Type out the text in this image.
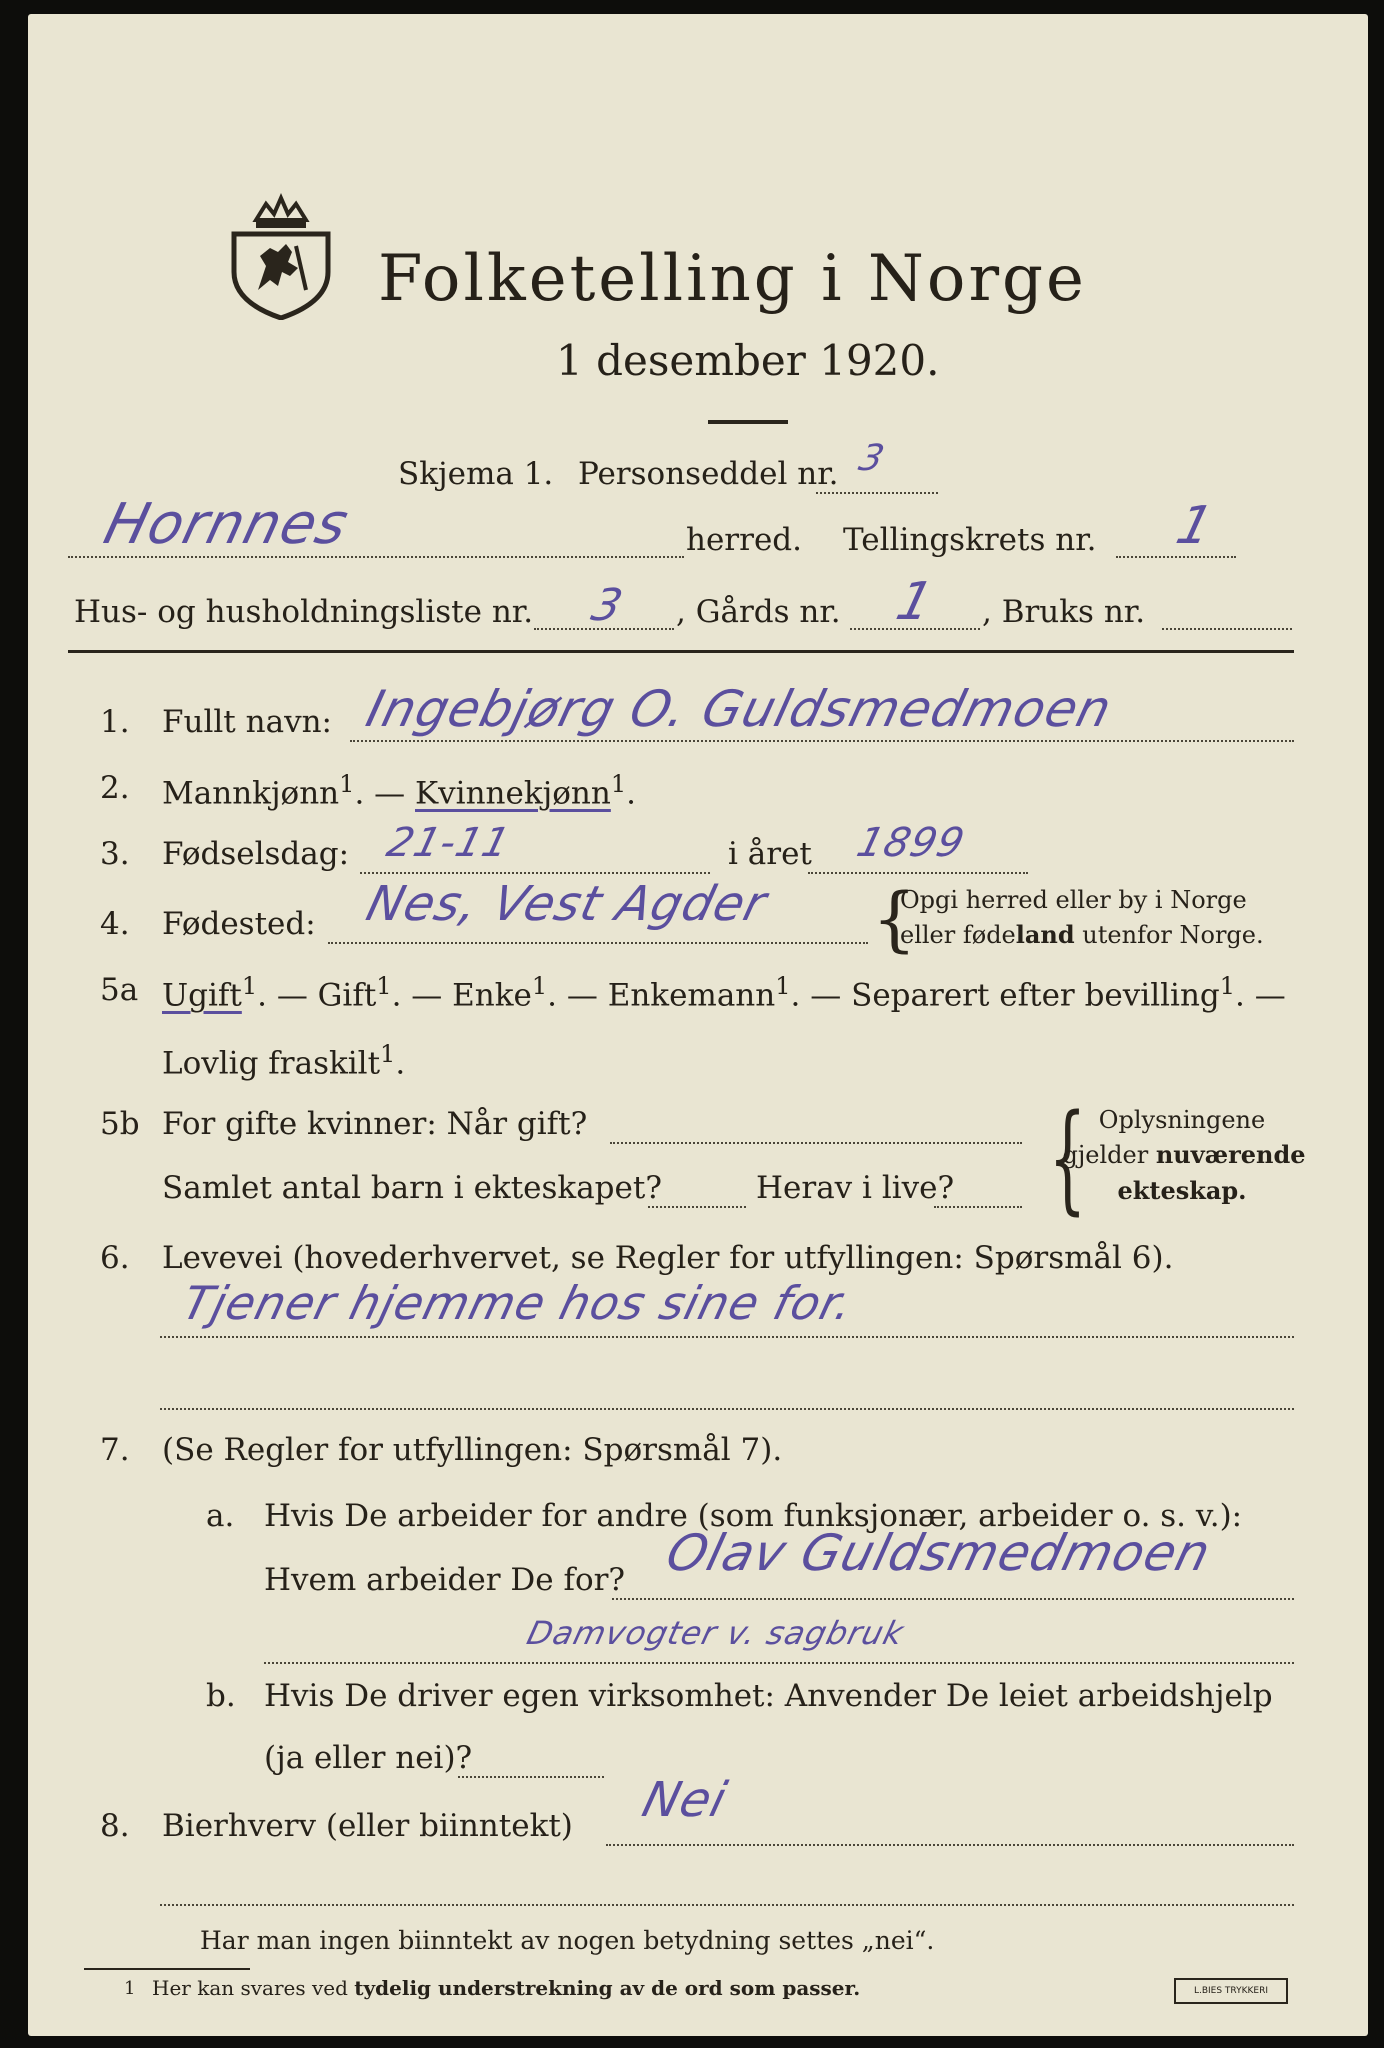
Folketelling i Norge
1 desember 1920.
Skjema 1. Personseddel nr. 3
Hornnes	herred. Tellingskrets nr. 1
Hus- og husholdningsliste nr. 3 , Gårds nr. 1 , Bruks nr.
1. Fullt navn: Ingebjørg O. Guldsmedmoen
2. Mannkjønn$^1$. — Kvinnekjønn$^1$.
3. Fødselsdag: 21-11	i året 1899
4. Fødested: Nes, Vest Agder {
Opgi herred eller by i Norge
eller fødeland utenfor Norge.
5a Ugift$^1$. — Gift$^1$. — Enke$^1$. — Enkemann$^1$. — Separert efter bevilling$^1$. —
Lovlig fraskilt$^1$.
5b For gifte kvinner: Når gift?
Samlet antal barn i ekteskapet?	Herav i live? { Oplysningene
gjelder nuværende
ekteskap.
6. Levevei (hovederhvervet, se Regler for utfyllingen: Spørsmål 6).
Tjener hjemme hos sine for.
7. (Se Regler for utfyllingen: Spørsmål 7).
a. Hvis De arbeider for andre (som funksjonær, arbeider o. s. v.):
Hvem arbeider De for? Olav Guldsmedmoen
Damvogter v. sagbruk
b. Hvis De driver egen virksomhet: Anvender De leiet arbeidshjelp
(ja eller nei)?
8. Bierhverv (eller biinntekt) Nei
Har man ingen biinntekt av nogen betydning settes „nei“.
1 Her kan svares ved tydelig understrekning av de ord som passer.	L.BIES TRYKKERI
